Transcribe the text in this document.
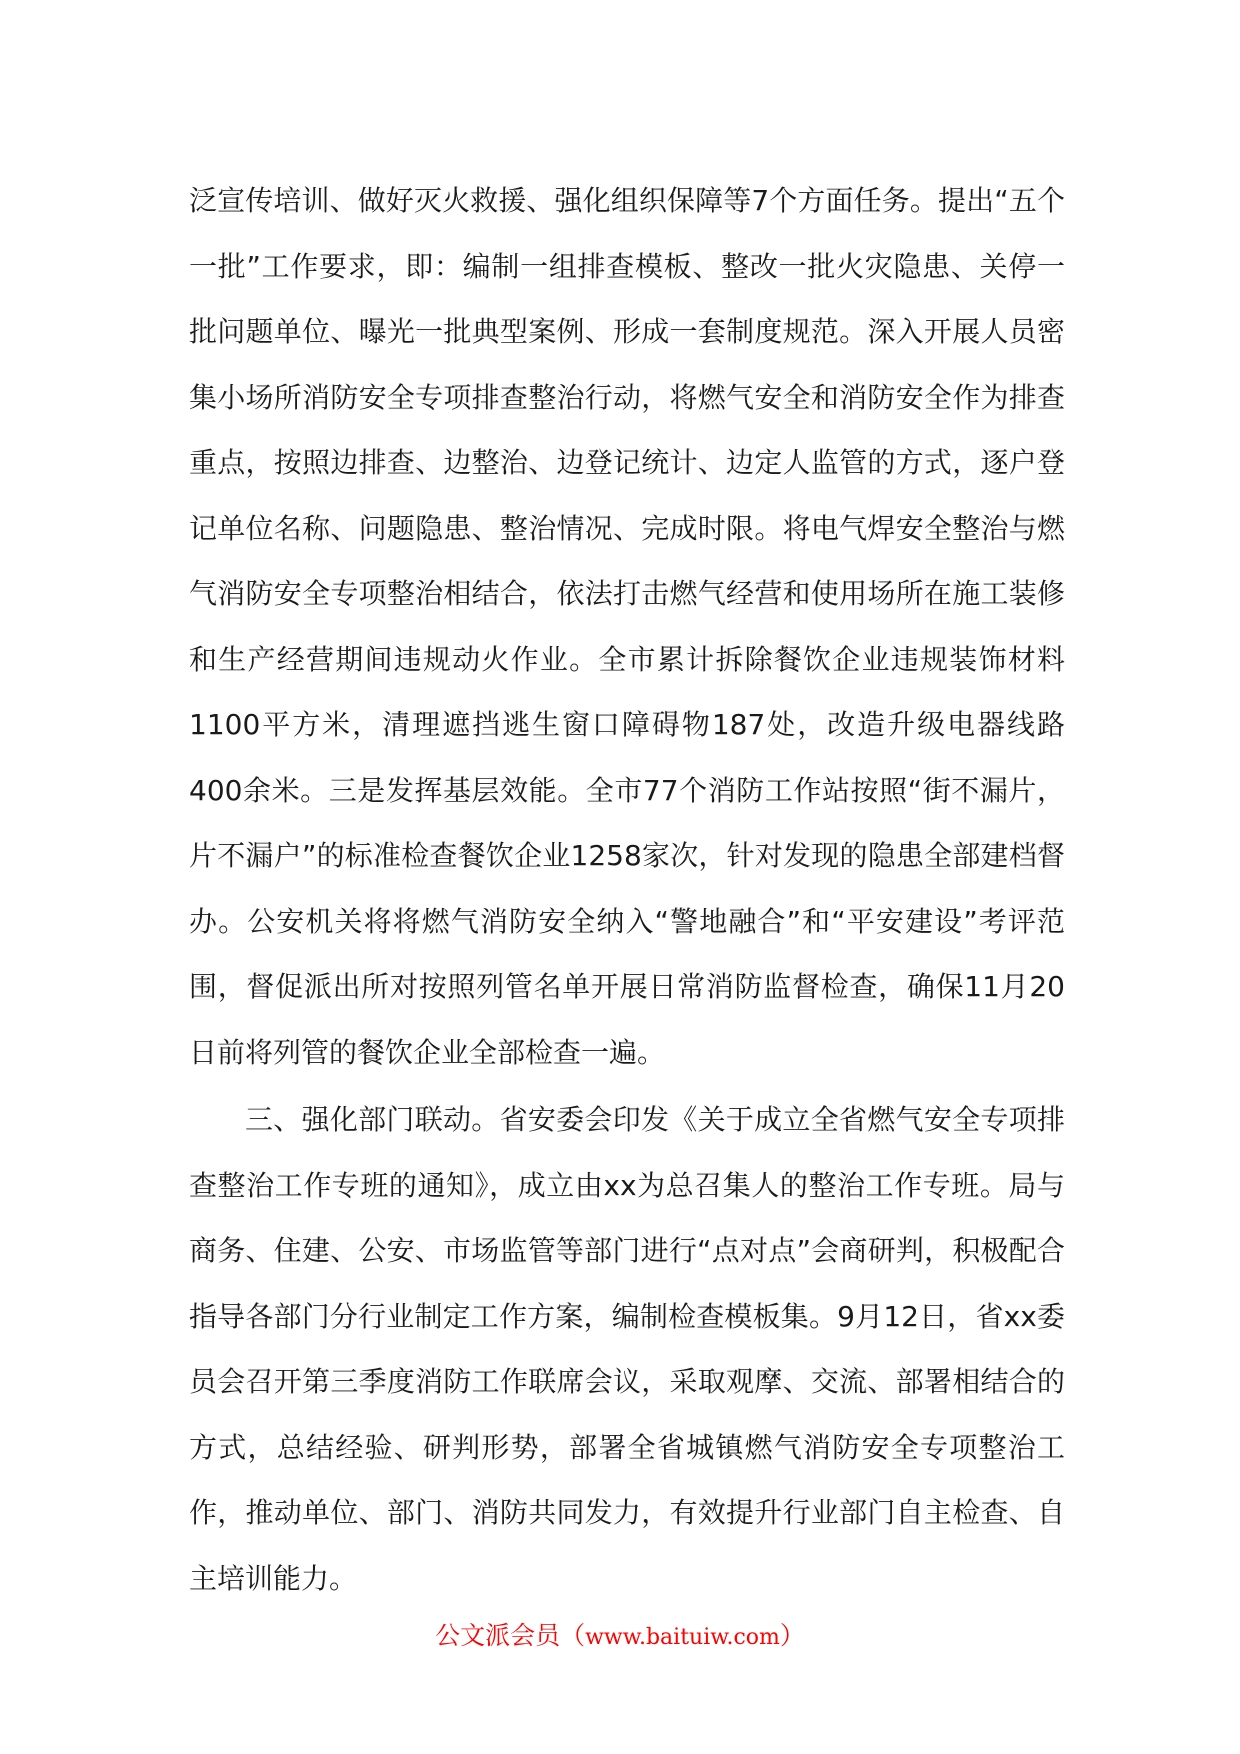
泛宣传培训、做好灭火救援、强化组织保障等7个方面任务。提出“五个一批”工作要求，即：编制一组排查模板、整改一批火灾隐患、关停一批问题单位、曝光一批典型案例、形成一套制度规范。深入开展人员密集小场所消防安全专项排查整治行动，将燃气安全和消防安全作为排查重点，按照边排查、边整治、边登记统计、边定人监管的方式，逐户登记单位名称、问题隐患、整治情况、完成时限。将电气焊安全整治与燃气消防安全专项整治相结合，依法打击燃气经营和使用场所在施工装修和生产经营期间违规动火作业。全市累计拆除餐饮企业违规装饰材料1100平方米，清理遮挡逃生窗口障碍物187处，改造升级电器线路400余米。三是发挥基层效能。全市77个消防工作站按照“街不漏片，片不漏户”的标准检查餐饮企业1258家次，针对发现的隐患全部建档督办。公安机关将将燃气消防安全纳入“警地融合”和“平安建设”考评范围，督促派出所对按照列管名单开展日常消防监督检查，确保11月20日前将列管的餐饮企业全部检查一遍。

三、强化部门联动。省安委会印发《关于成立全省燃气安全专项排查整治工作专班的通知》，成立由xx为总召集人的整治工作专班。局与商务、住建、公安、市场监管等部门进行“点对点”会商研判，积极配合指导各部门分行业制定工作方案，编制检查模板集。9月12日，省xx委员会召开第三季度消防工作联席会议，采取观摩、交流、部署相结合的方式，总结经验、研判形势，部署全省城镇燃气消防安全专项整治工作，推动单位、部门、消防共同发力，有效提升行业部门自主检查、自主培训能力。

公文派会员（www.baituiw.com）
